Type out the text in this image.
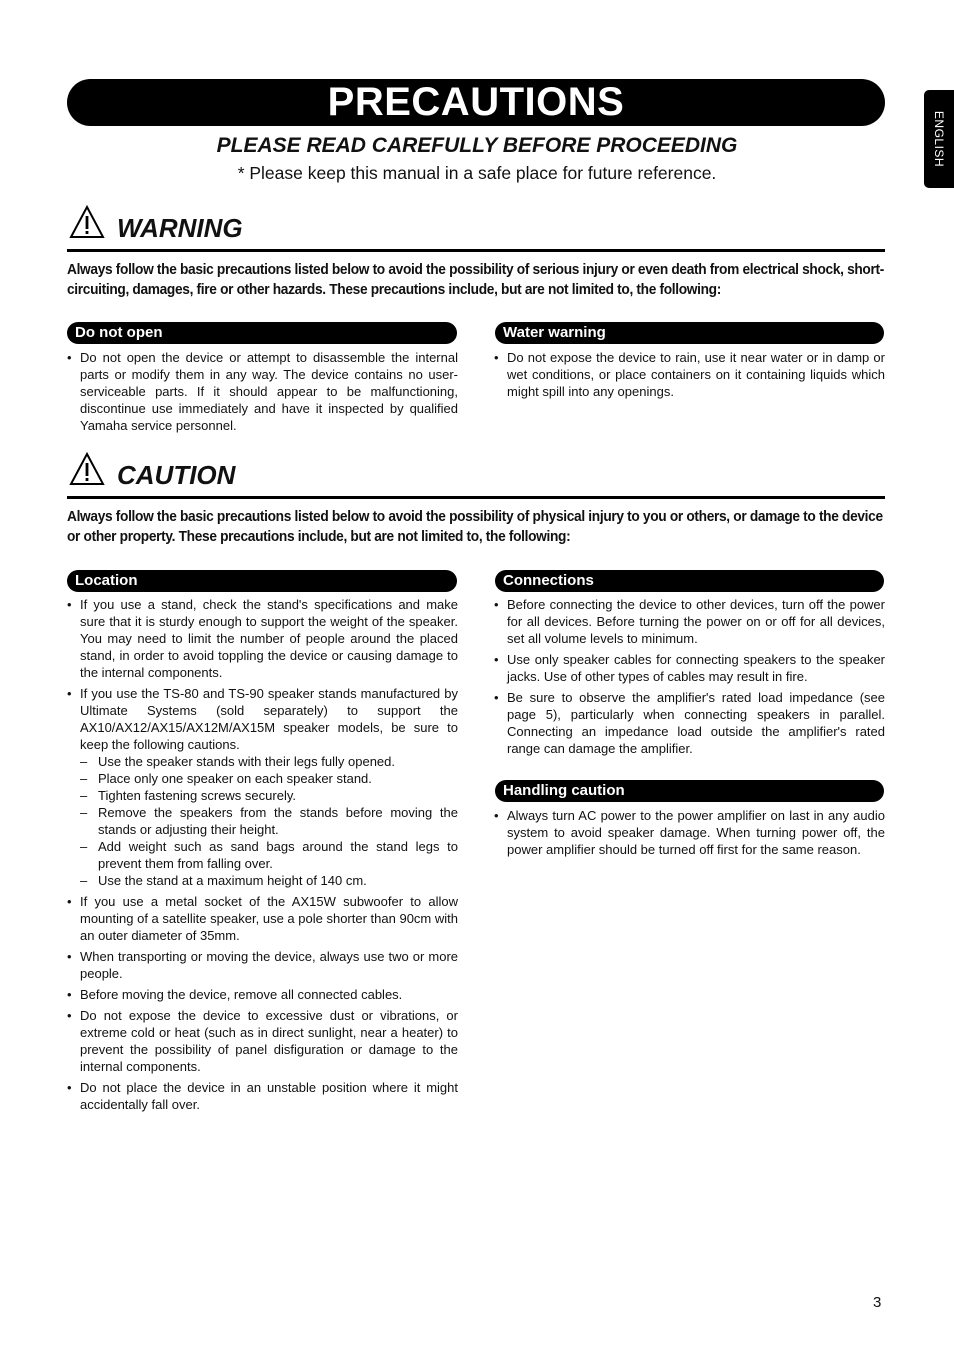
PRECAUTIONS
ENGLISH
PLEASE READ CAREFULLY BEFORE PROCEEDING
* Please keep this manual in a safe place for future reference.
WARNING
Always follow the basic precautions listed below to avoid the possibility of serious injury or even death from electrical shock, short-circuiting, damages, fire or other hazards. These precautions include, but are not limited to, the following:
Do not open
• Do not open the device or attempt to disassemble the internal parts or modify them in any way. The device contains no user-serviceable parts. If it should appear to be malfunctioning, discontinue use immediately and have it inspected by qualified Yamaha service personnel.
Water warning
• Do not expose the device to rain, use it near water or in damp or wet conditions, or place containers on it containing liquids which might spill into any openings.
CAUTION
Always follow the basic precautions listed below to avoid the possibility of physical injury to you or others, or damage to the device or other property. These precautions include, but are not limited to, the following:
Location
• If you use a stand, check the stand's specifications and make sure that it is sturdy enough to support the weight of the speaker. You may need to limit the number of people around the placed stand, in order to avoid toppling the device or causing damage to the internal components.
• If you use the TS-80 and TS-90 speaker stands manufactured by Ultimate Systems (sold separately) to support the AX10/AX12/AX15/AX12M/AX15M speaker models, be sure to keep the following cautions.
– Use the speaker stands with their legs fully opened.
– Place only one speaker on each speaker stand.
– Tighten fastening screws securely.
– Remove the speakers from the stands before moving the stands or adjusting their height.
– Add weight such as sand bags around the stand legs to prevent them from falling over.
– Use the stand at a maximum height of 140 cm.
• If you use a metal socket of the AX15W subwoofer to allow mounting of a satellite speaker, use a pole shorter than 90cm with an outer diameter of 35mm.
• When transporting or moving the device, always use two or more people.
• Before moving the device, remove all connected cables.
• Do not expose the device to excessive dust or vibrations, or extreme cold or heat (such as in direct sunlight, near a heater) to prevent the possibility of panel disfiguration or damage to the internal components.
• Do not place the device in an unstable position where it might accidentally fall over.
Connections
• Before connecting the device to other devices, turn off the power for all devices. Before turning the power on or off for all devices, set all volume levels to minimum.
• Use only speaker cables for connecting speakers to the speaker jacks. Use of other types of cables may result in fire.
• Be sure to observe the amplifier's rated load impedance (see page 5), particularly when connecting speakers in parallel. Connecting an impedance load outside the amplifier's rated range can damage the amplifier.
Handling caution
• Always turn AC power to the power amplifier on last in any audio system to avoid speaker damage. When turning power off, the power amplifier should be turned off first for the same reason.
3
